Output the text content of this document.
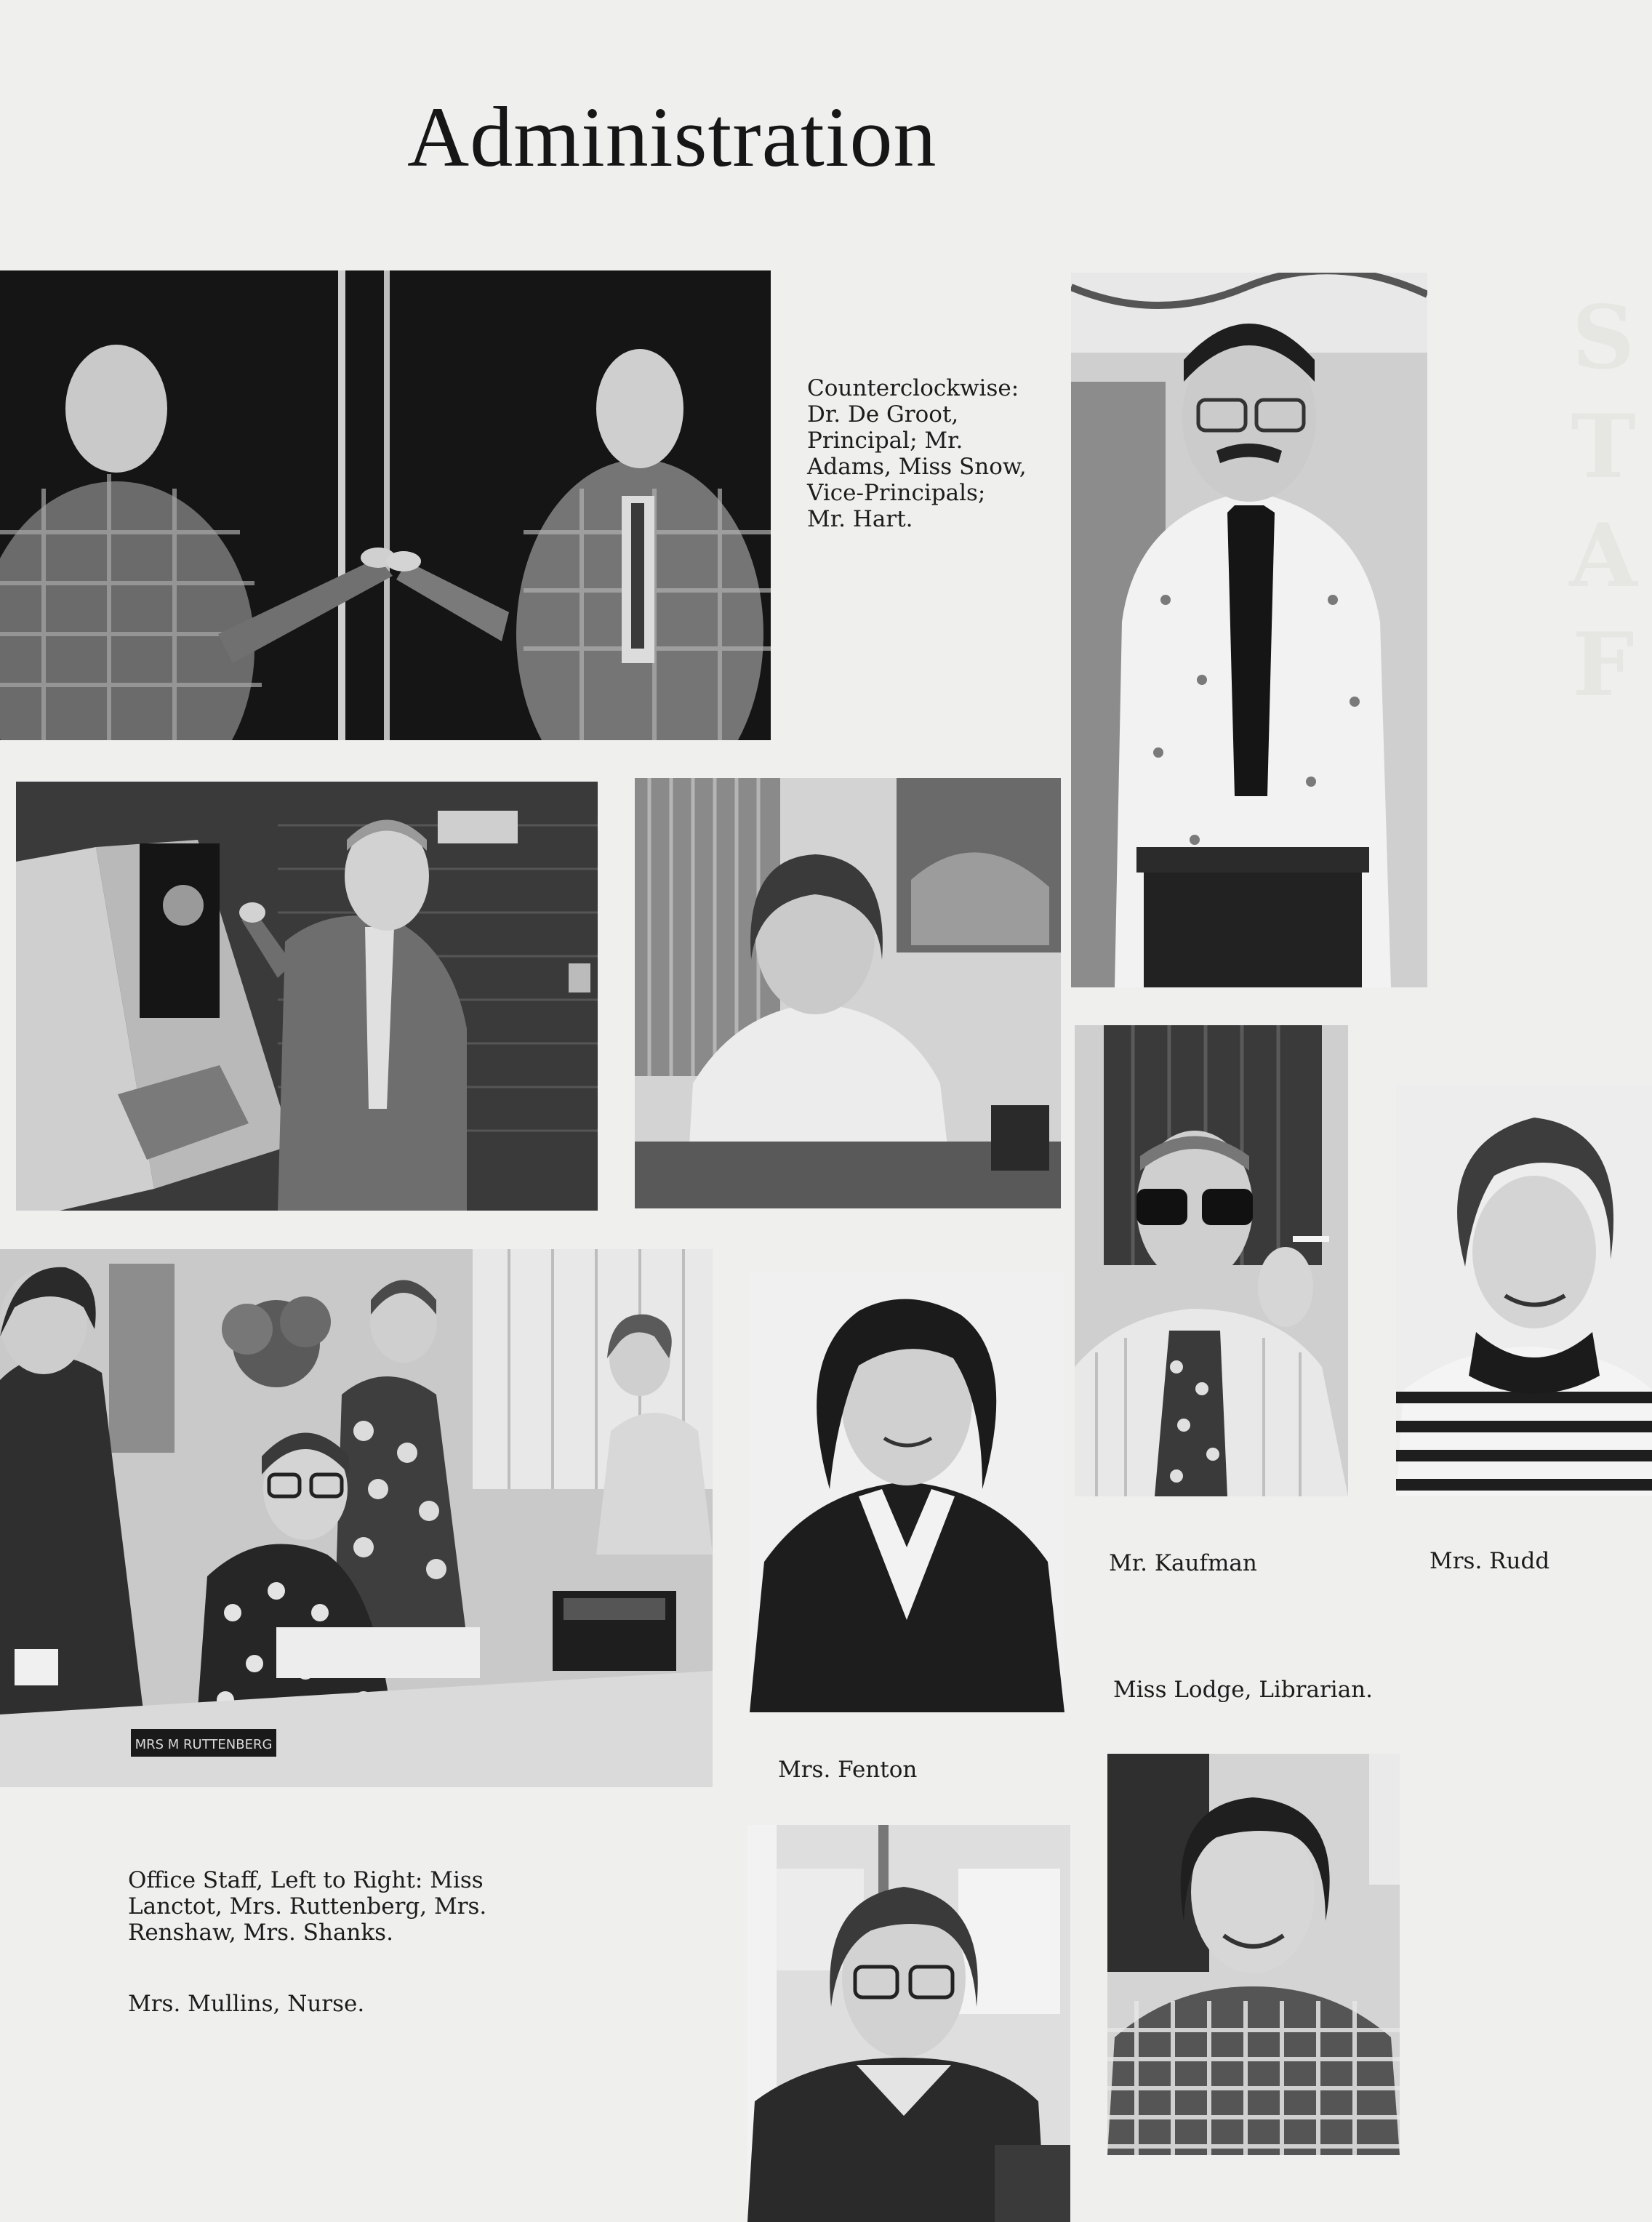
Administration
S
T
A
F
Counterclockwise:
Dr. De Groot,
Principal; Mr.
Adams, Miss Snow,
Vice-Principals;
Mr. Hart.
MRS M RUTTENBERG
Mr. Kaufman	Mrs. Rudd
Miss Lodge, Librarian.
Mrs. Fenton
Office Staff, Left to Right: Miss
Lanctot, Mrs. Ruttenberg, Mrs.
Renshaw, Mrs. Shanks.
Mrs. Mullins, Nurse.
